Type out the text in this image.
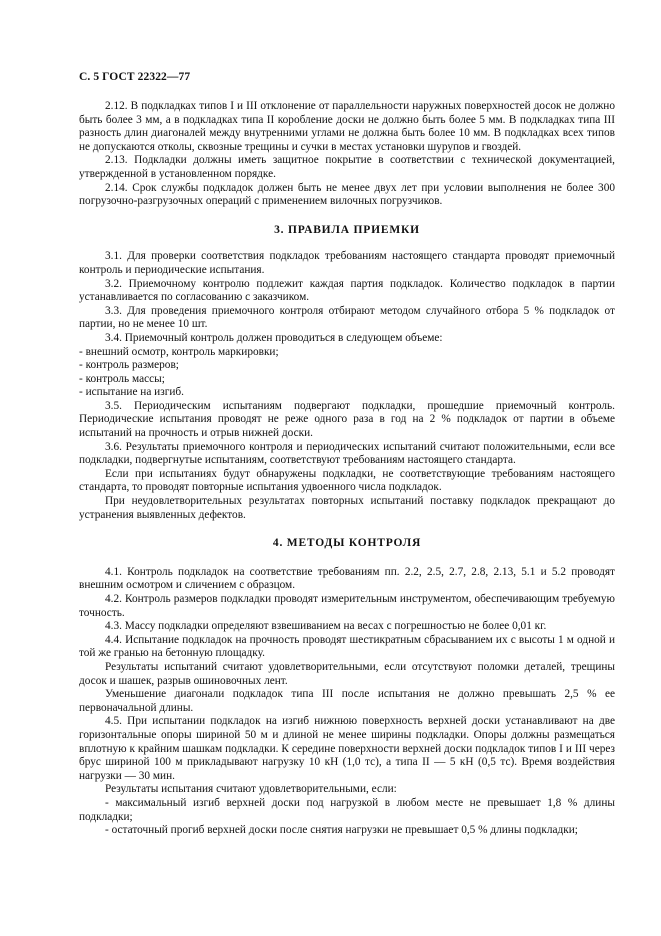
С. 5 ГОСТ 22322—77

2.12. В подкладках типов I и III отклонение от параллельности наружных поверхностей досок не должно быть более 3 мм, а в подкладках типа II коробление доски не должно быть более 5 мм. В подкладках типа III разность длин диагоналей между внутренними углами не должна быть более 10 мм. В подкладках всех типов не допускаются отколы, сквозные трещины и сучки в местах установки шурупов и гвоздей.

2.13. Подкладки должны иметь защитное покрытие в соответствии с технической документацией, утвержденной в установленном порядке.

2.14. Срок службы подкладок должен быть не менее двух лет при условии выполнения не более 300 погрузочно-разгрузочных операций с применением вилочных погрузчиков.

3. ПРАВИЛА ПРИЕМКИ

3.1. Для проверки соответствия подкладок требованиям настоящего стандарта проводят приемочный контроль и периодические испытания.

3.2. Приемочному контролю подлежит каждая партия подкладок. Количество подкладок в партии устанавливается по согласованию с заказчиком.

3.3. Для проведения приемочного контроля отбирают методом случайного отбора 5 % подкладок от партии, но не менее 10 шт.

3.4. Приемочный контроль должен проводиться в следующем объеме:

- внешний осмотр, контроль маркировки;

- контроль размеров;

- контроль массы;

- испытание на изгиб.

3.5. Периодическим испытаниям подвергают подкладки, прошедшие приемочный контроль. Периодические испытания проводят не реже одного раза в год на 2 % подкладок от партии в объеме испытаний на прочность и отрыв нижней доски.

3.6. Результаты приемочного контроля и периодических испытаний считают положительными, если все подкладки, подвергнутые испытаниям, соответствуют требованиям настоящего стандарта.

Если при испытаниях будут обнаружены подкладки, не соответствующие требованиям настоящего стандарта, то проводят повторные испытания удвоенного числа подкладок.

При неудовлетворительных результатах повторных испытаний поставку подкладок прекращают до устранения выявленных дефектов.

4. МЕТОДЫ КОНТРОЛЯ

4.1. Контроль подкладок на соответствие требованиям пп. 2.2, 2.5, 2.7, 2.8, 2.13, 5.1 и 5.2 проводят внешним осмотром и сличением с образцом.

4.2. Контроль размеров подкладки проводят измерительным инструментом, обеспечивающим требуемую точность.

4.3. Массу подкладки определяют взвешиванием на весах с погрешностью не более 0,01 кг.

4.4. Испытание подкладок на прочность проводят шестикратным сбрасыванием их с высоты 1 м одной и той же гранью на бетонную площадку.

Результаты испытаний считают удовлетворительными, если отсутствуют поломки деталей, трещины досок и шашек, разрыв ошиновочных лент.

Уменьшение диагонали подкладок типа III после испытания не должно превышать 2,5 % ее первоначальной длины.

4.5. При испытании подкладок на изгиб нижнюю поверхность верхней доски устанавливают на две горизонтальные опоры шириной 50 м и длиной не менее ширины подкладки. Опоры должны размещаться вплотную к крайним шашкам подкладки. К середине поверхности верхней доски подкладок типов I и III через брус шириной 100 м прикладывают нагрузку 10 кН (1,0 тс), а типа II — 5 кН (0,5 тс). Время воздействия нагрузки — 30 мин.

Результаты испытания считают удовлетворительными, если:

- максимальный изгиб верхней доски под нагрузкой в любом месте не превышает 1,8 % длины подкладки;

- остаточный прогиб верхней доски после снятия нагрузки не превышает 0,5 % длины подкладки;
